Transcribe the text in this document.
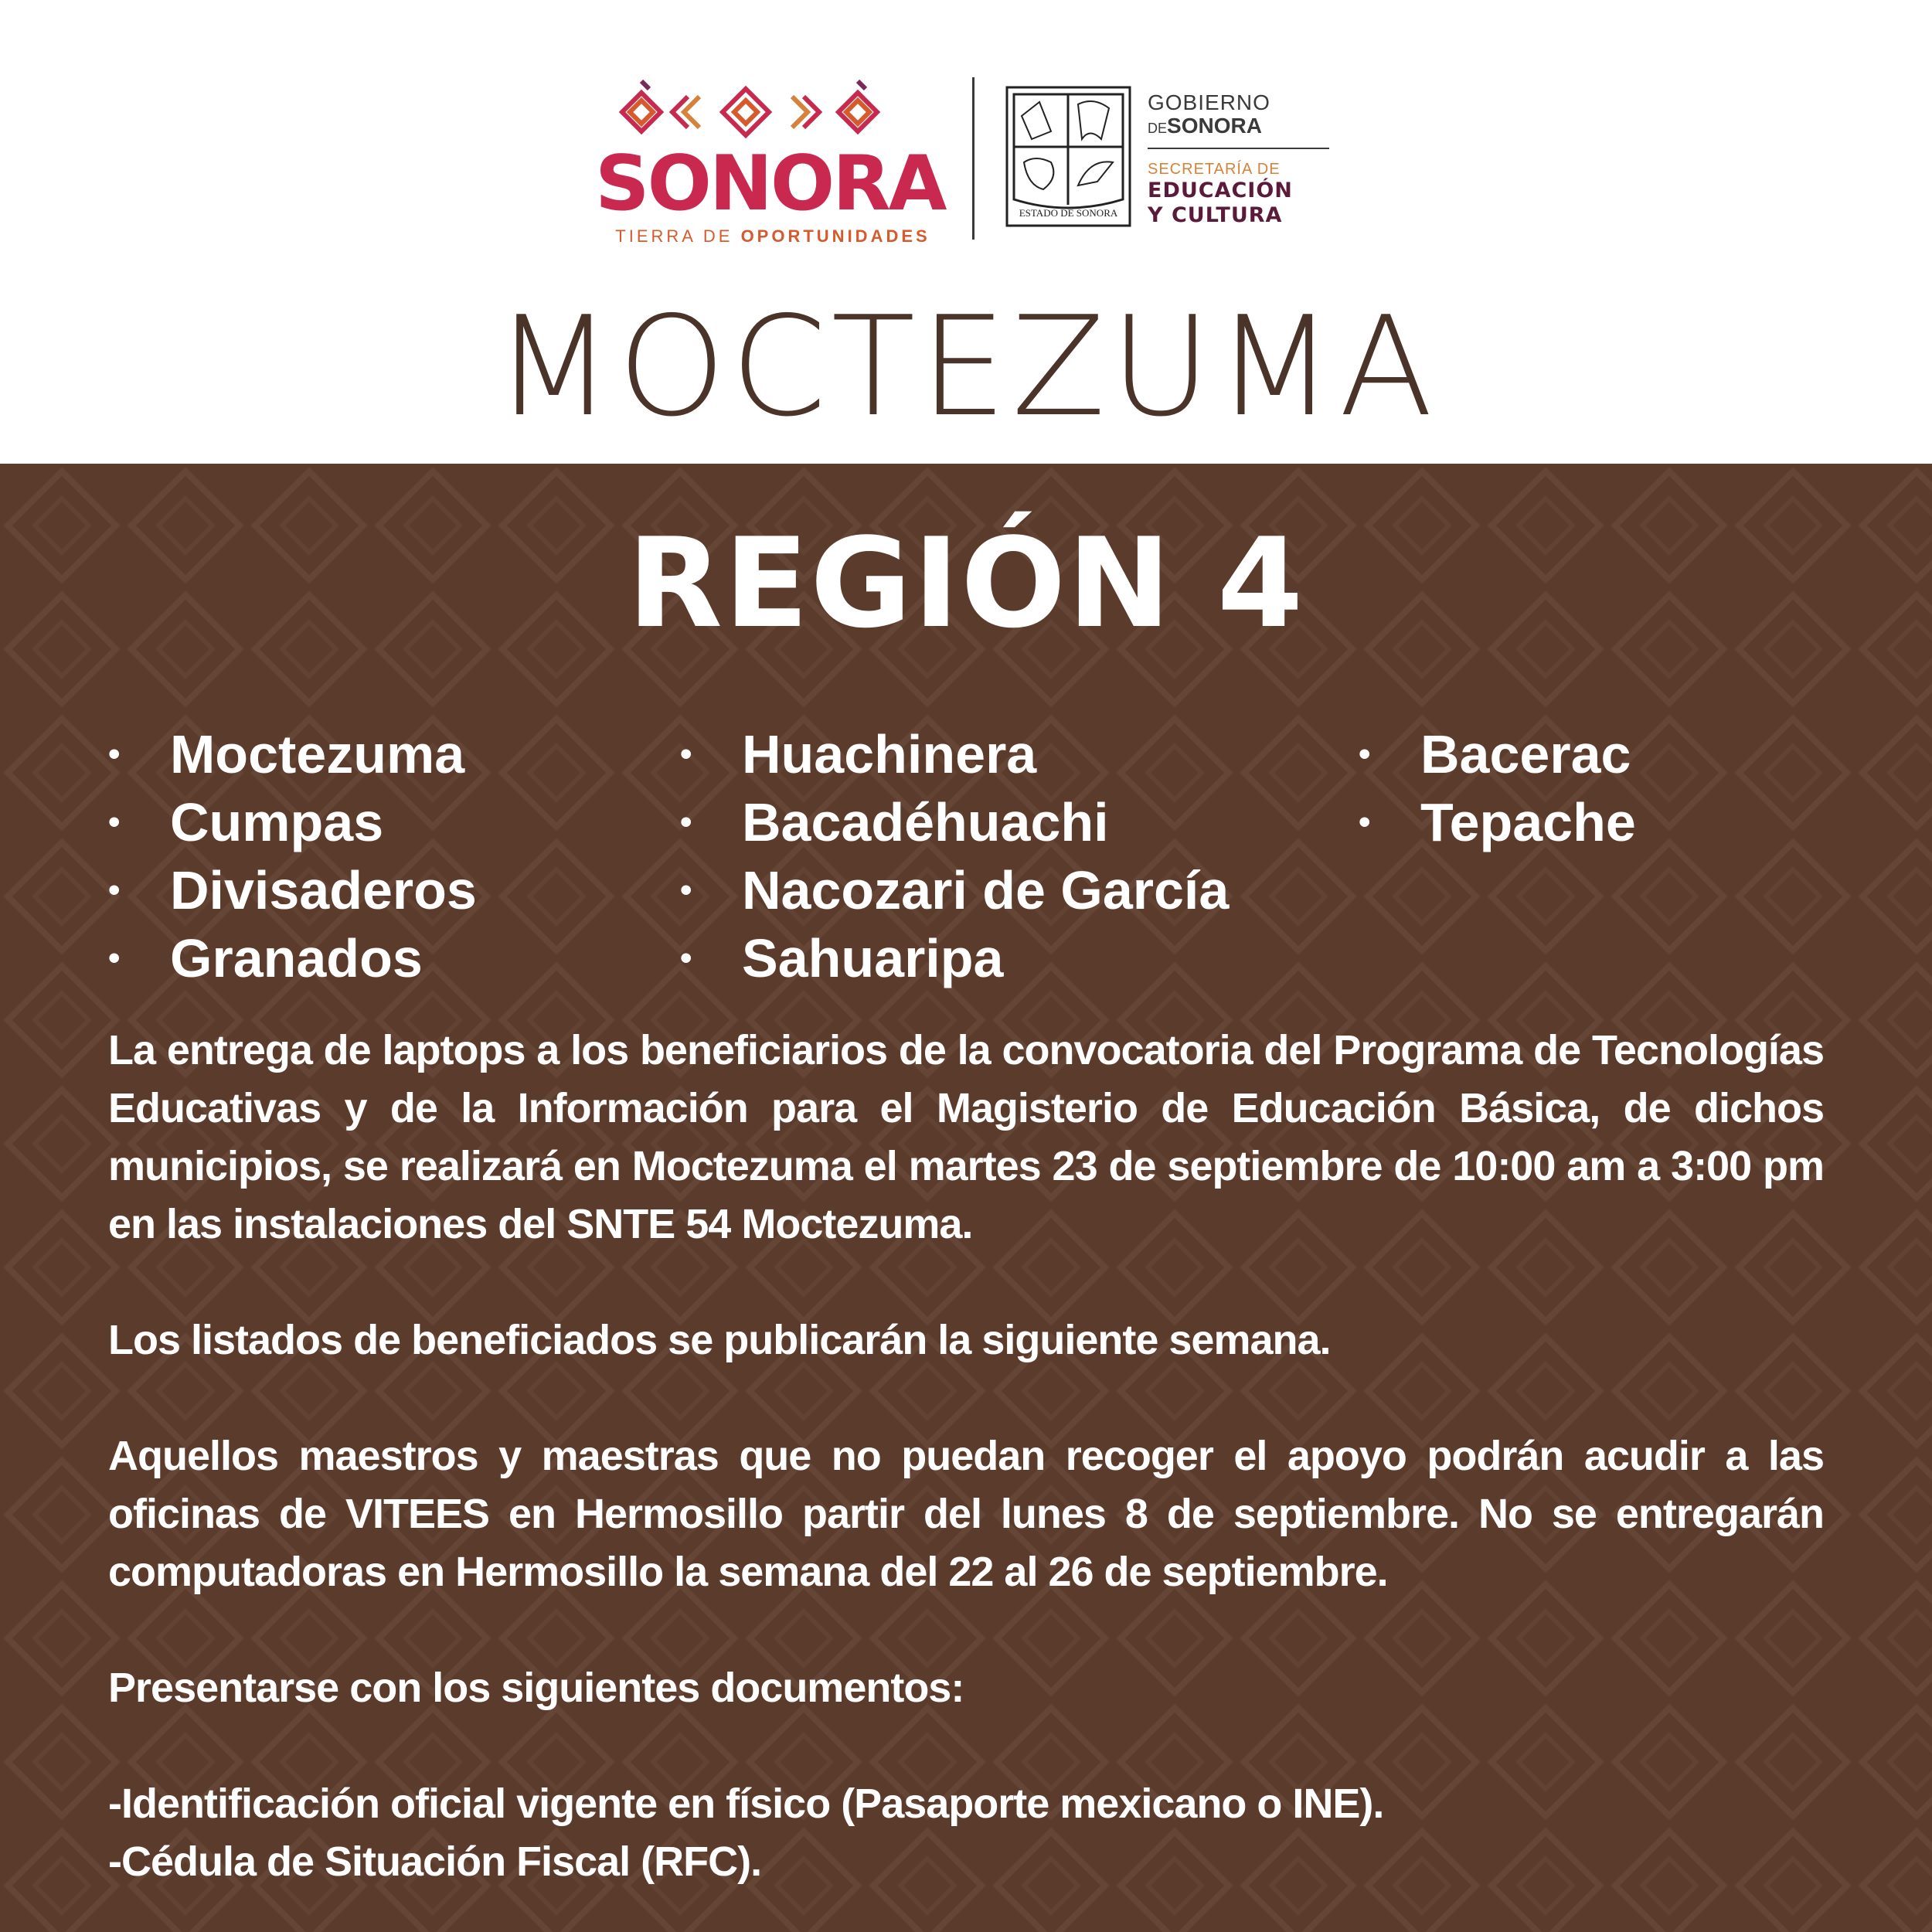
SONORA
TIERRA DE OPORTUNIDADES
ESTADO DE SONORA
GOBIERNO
DESONORA
SECRETARÍA DE
EDUCACIÓN
Y CULTURA
MOCTEZUMA
REGIÓN 4
• Moctezuma
• Cumpas
• Divisaderos
• Granados
• Huachinera
• Bacadéhuachi
• Nacozari de García
• Sahuaripa
• Bacerac
• Tepache
La entrega de laptops a los beneficiarios de la convocatoria del Programa de Tecnologías Educativas y de la Información para el Magisterio de Educación Básica, de dichos municipios, se realizará en Moctezuma el martes 23 de septiembre de 10:00 am a 3:00 pm en las instalaciones del SNTE 54 Moctezuma.
Los listados de beneficiados se publicarán la siguiente semana.
Aquellos maestros y maestras que no puedan recoger el apoyo podrán acudir a las oficinas de VITEES en Hermosillo partir del lunes 8 de septiembre. No se entregarán computadoras en Hermosillo la semana del 22 al 26 de septiembre.
Presentarse con los siguientes documentos:
-Identificación oficial vigente en físico (Pasaporte mexicano o INE).
-Cédula de Situación Fiscal (RFC).
